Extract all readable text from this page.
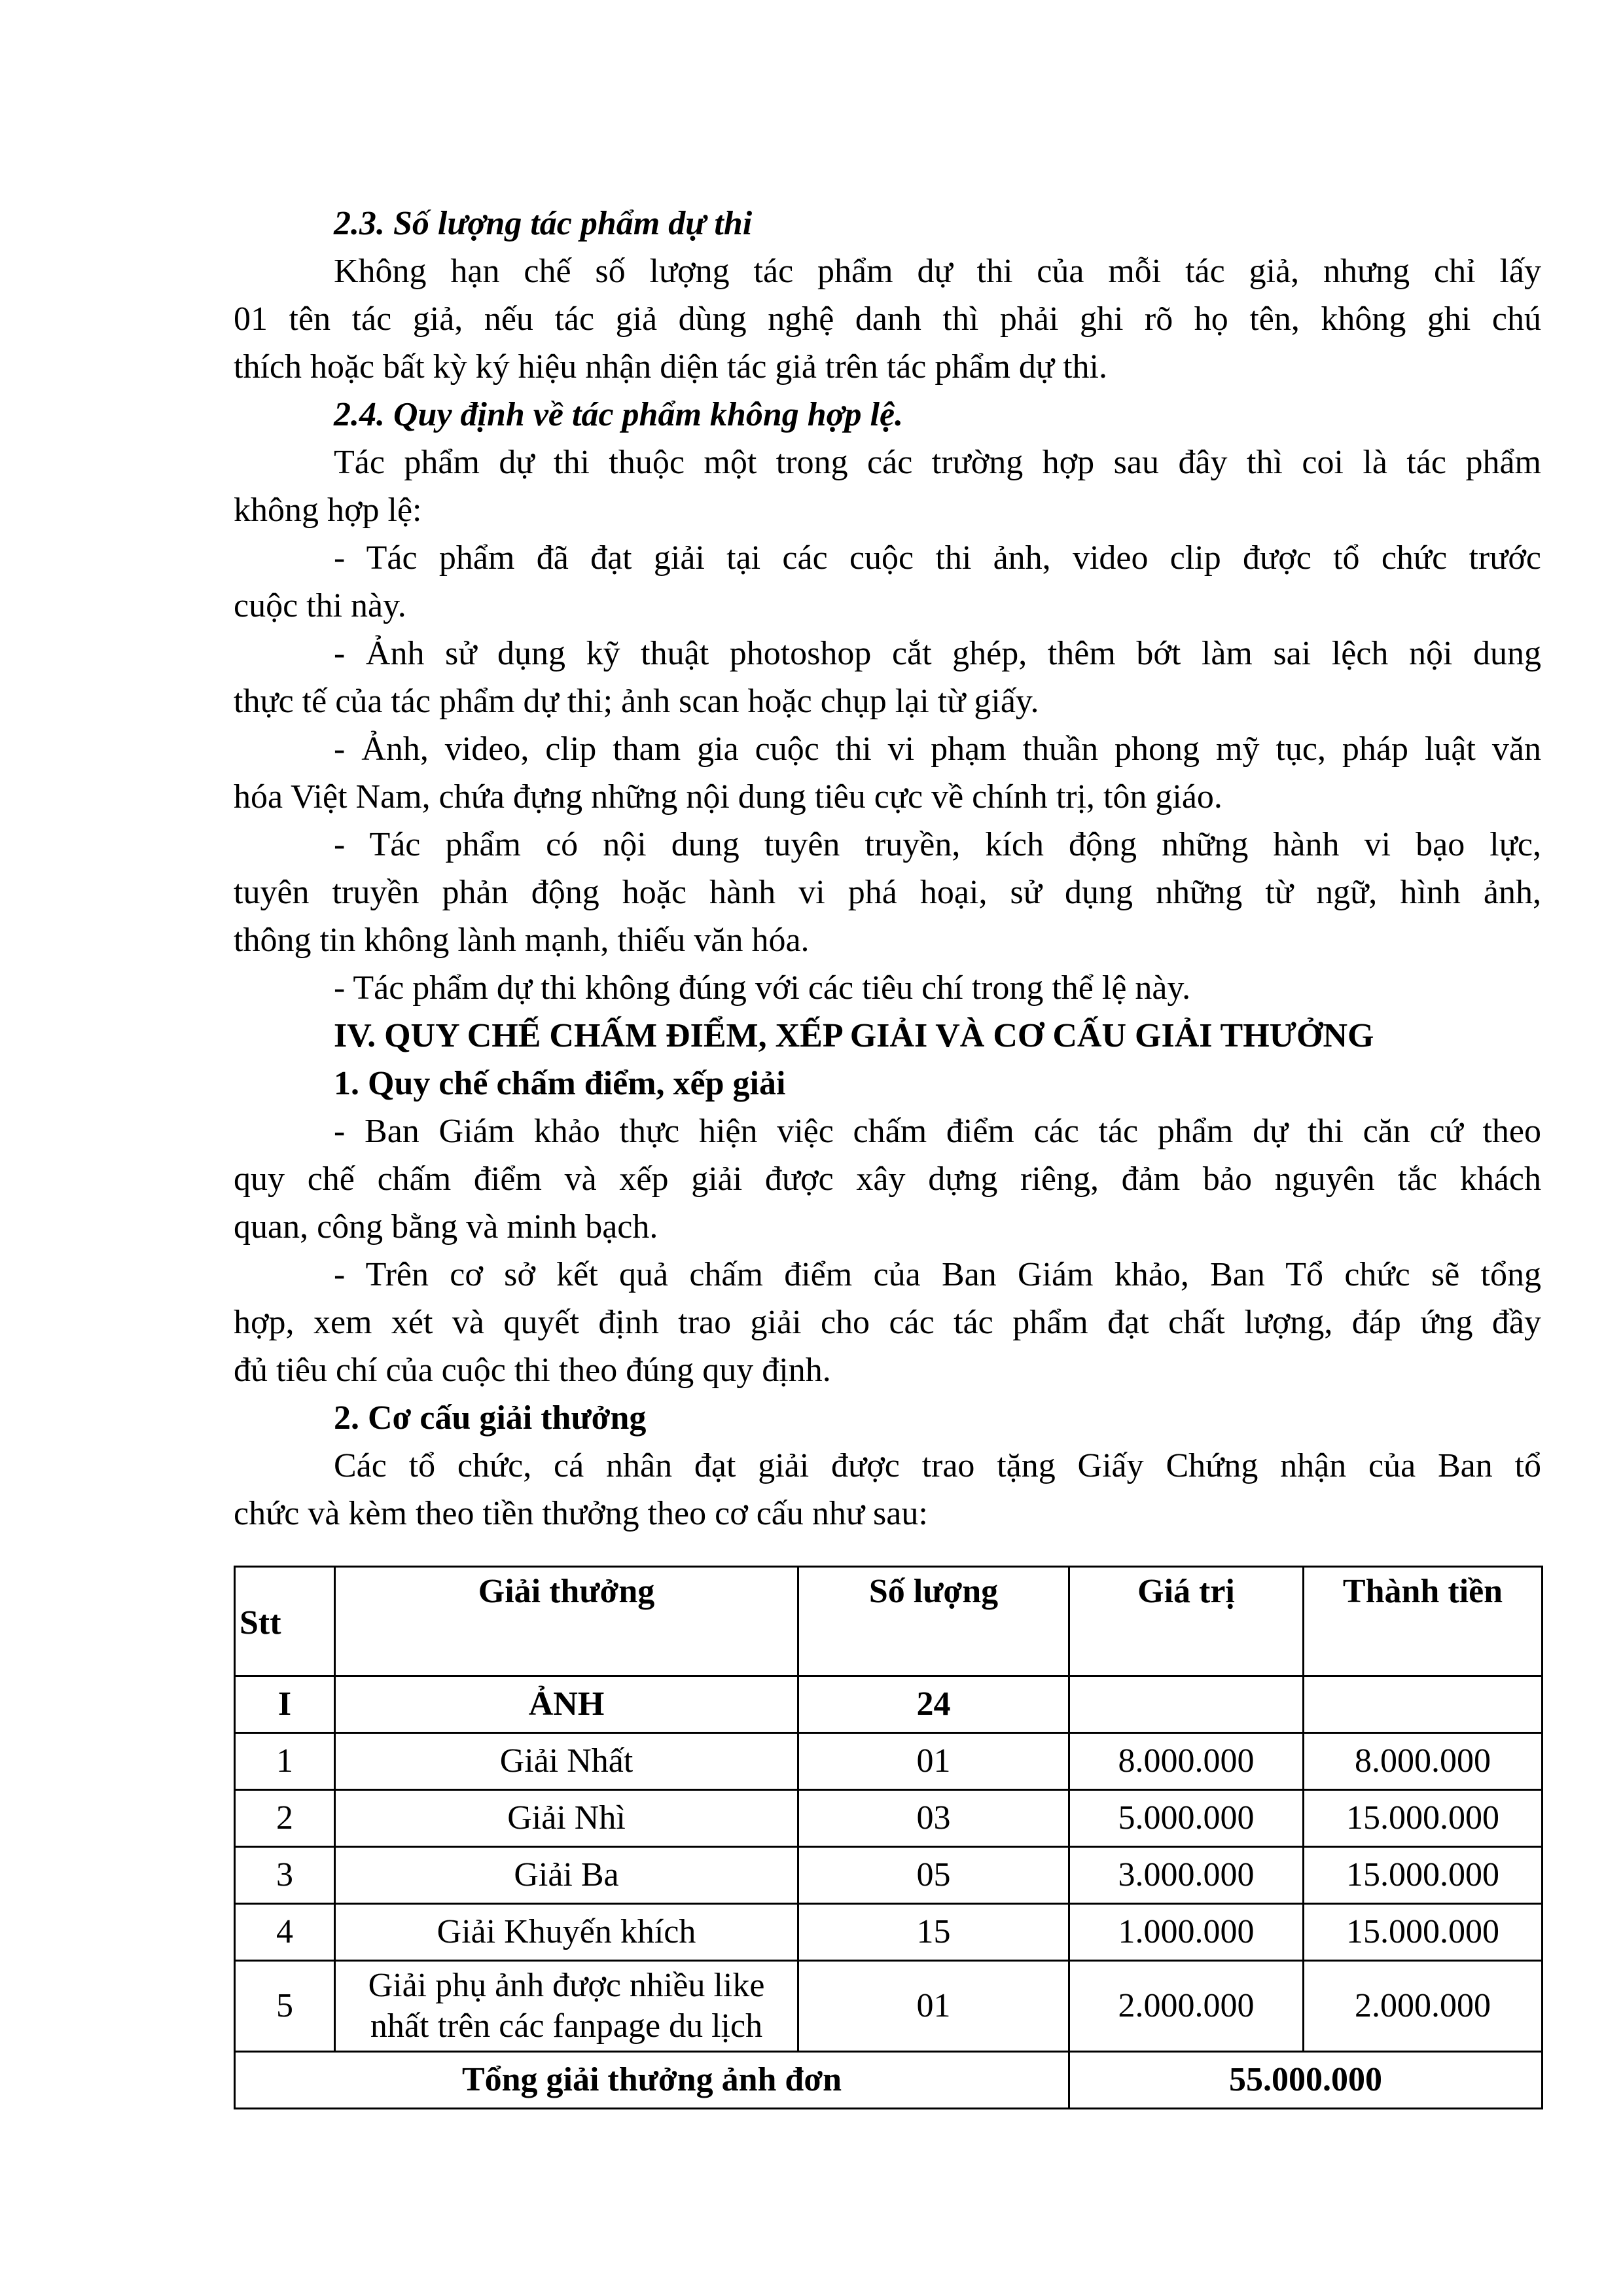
2.3. Số lượng tác phẩm dự thi

Không hạn chế số lượng tác phẩm dự thi của mỗi tác giả, nhưng chỉ lấy

01 tên tác giả, nếu tác giả dùng nghệ danh thì phải ghi rõ họ tên, không ghi chú

thích hoặc bất kỳ ký hiệu nhận diện tác giả trên tác phẩm dự thi.

2.4. Quy định về tác phẩm không hợp lệ.

Tác phẩm dự thi thuộc một trong các trường hợp sau đây thì coi là tác phẩm

không hợp lệ:

- Tác phẩm đã đạt giải tại các cuộc thi ảnh, video clip được tổ chức trước

cuộc thi này.

- Ảnh sử dụng kỹ thuật photoshop cắt ghép, thêm bớt làm sai lệch nội dung

thực tế của tác phẩm dự thi; ảnh scan hoặc chụp lại từ giấy.

- Ảnh, video, clip tham gia cuộc thi vi phạm thuần phong mỹ tục, pháp luật văn

hóa Việt Nam, chứa đựng những nội dung tiêu cực về chính trị, tôn giáo.

- Tác phẩm có nội dung tuyên truyền, kích động những hành vi bạo lực,

tuyên truyền phản động hoặc hành vi phá hoại, sử dụng những từ ngữ, hình ảnh,

thông tin không lành mạnh, thiếu văn hóa.

- Tác phẩm dự thi không đúng với các tiêu chí trong thể lệ này.

IV. QUY CHẾ CHẤM ĐIỂM, XẾP GIẢI VÀ CƠ CẤU GIẢI THƯỞNG

1. Quy chế chấm điểm, xếp giải

- Ban Giám khảo thực hiện việc chấm điểm các tác phẩm dự thi căn cứ theo

quy chế chấm điểm và xếp giải được xây dựng riêng, đảm bảo nguyên tắc khách

quan, công bằng và minh bạch.

- Trên cơ sở kết quả chấm điểm của Ban Giám khảo, Ban Tổ chức sẽ tổng

hợp, xem xét và quyết định trao giải cho các tác phẩm đạt chất lượng, đáp ứng đầy

đủ tiêu chí của cuộc thi theo đúng quy định.

2. Cơ cấu giải thưởng

Các tổ chức, cá nhân đạt giải được trao tặng Giấy Chứng nhận của Ban tổ

chức và kèm theo tiền thưởng theo cơ cấu như sau:

Stt	Giải thưởng	Số lượng	Giá trị	Thành tiền
I	ẢNH	24		
1	Giải Nhất	01	8.000.000	8.000.000
2	Giải Nhì	03	5.000.000	15.000.000
3	Giải Ba	05	3.000.000	15.000.000
4	Giải Khuyến khích	15	1.000.000	15.000.000
5	Giải phụ ảnh được nhiều like
nhất trên các fanpage du lịch	01	2.000.000	2.000.000
Tổng giải thưởng ảnh đơn			55.000.000	
